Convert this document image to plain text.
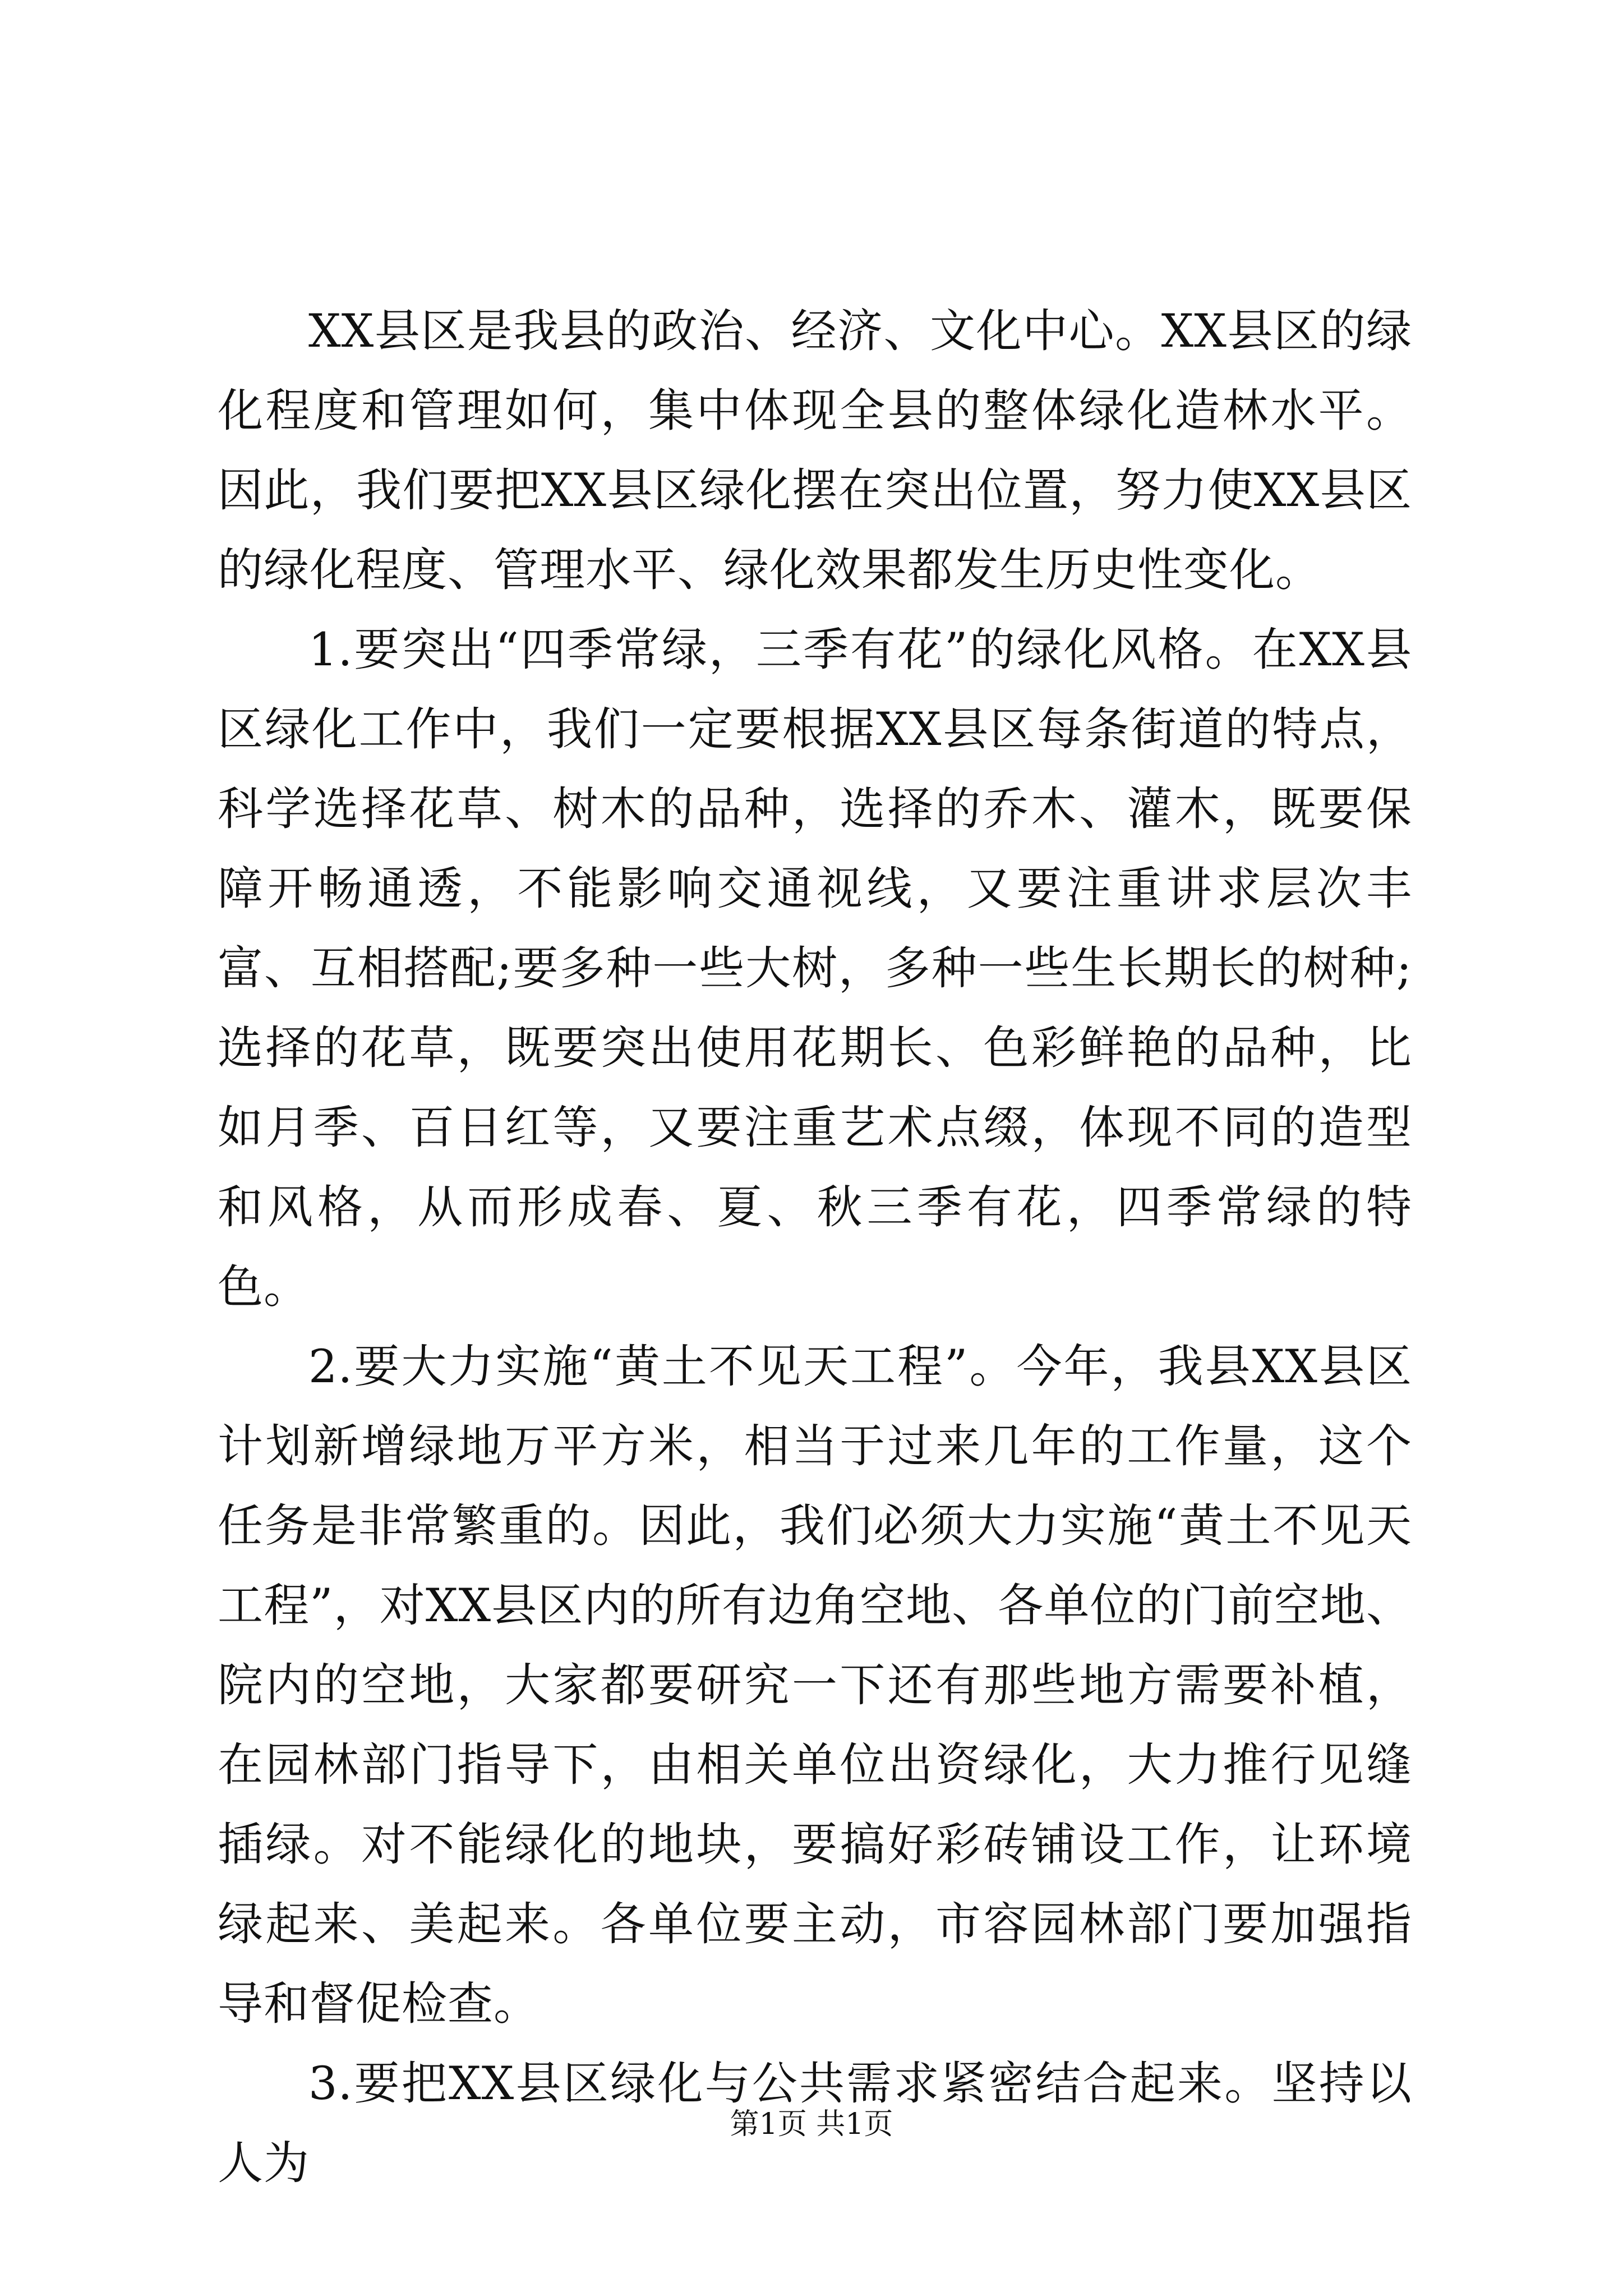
XX县区是我县的政治、经济、文化中心。XX县区的绿化程度和管理如何，集中体现全县的整体绿化造林水平。因此，我们要把XX县区绿化摆在突出位置，努力使XX县区的绿化程度、管理水平、绿化效果都发生历史性变化。

1.要突出“四季常绿，三季有花”的绿化风格。在XX县区绿化工作中，我们一定要根据XX县区每条街道的特点，科学选择花草、树木的品种，选择的乔木、灌木，既要保障开畅通透，不能影响交通视线，又要注重讲求层次丰富、互相搭配;要多种一些大树，多种一些生长期长的树种;选择的花草，既要突出使用花期长、色彩鲜艳的品种，比如月季、百日红等，又要注重艺术点缀，体现不同的造型和风格，从而形成春、夏、秋三季有花，四季常绿的特色。

2.要大力实施“黄土不见天工程”。今年，我县XX县区计划新增绿地万平方米，相当于过来几年的工作量，这个任务是非常繁重的。因此，我们必须大力实施“黄土不见天工程”，对XX县区内的所有边角空地、各单位的门前空地、院内的空地，大家都要研究一下还有那些地方需要补植，在园林部门指导下，由相关单位出资绿化，大力推行见缝插绿。对不能绿化的地块，要搞好彩砖铺设工作，让环境绿起来、美起来。各单位要主动，市容园林部门要加强指导和督促检查。

3.要把XX县区绿化与公共需求紧密结合起来。坚持以人为

第1页 共1页
